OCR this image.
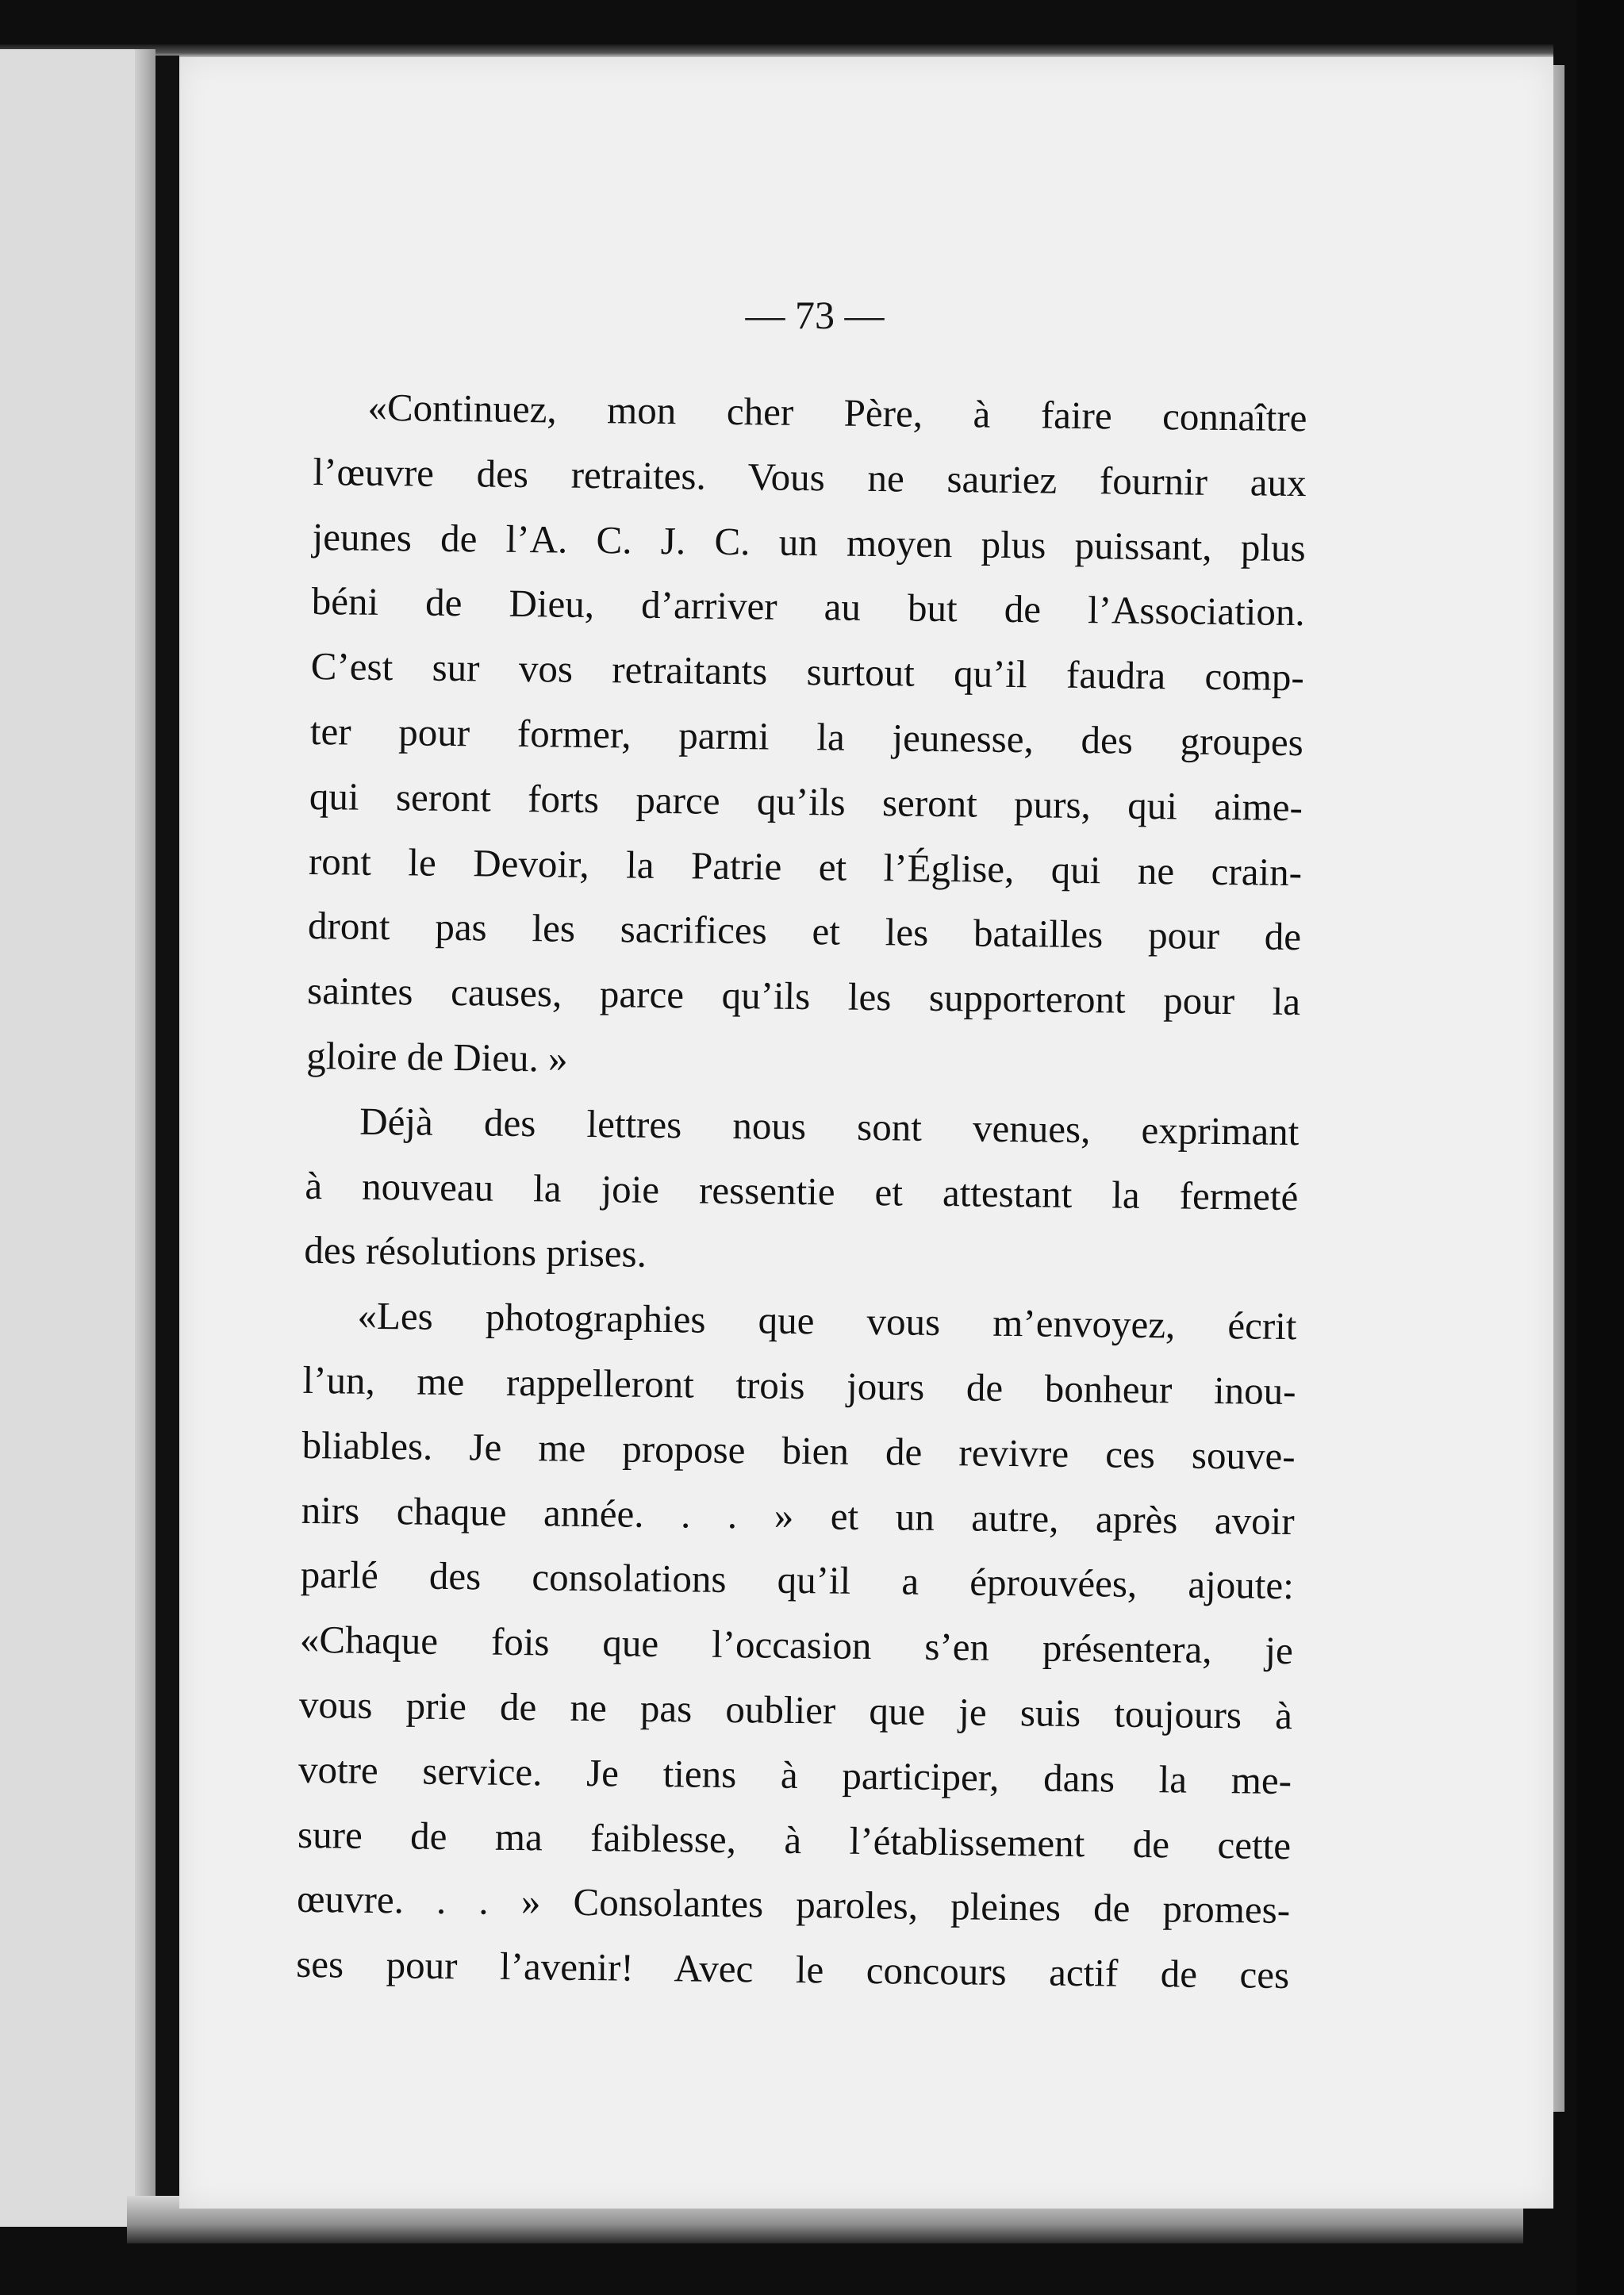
— 73 —
«Continuez, mon cher Père, à faire connaître
l’œuvre des retraites. Vous ne sauriez fournir aux
jeunes de l’A. C. J. C. un moyen plus puissant, plus
béni de Dieu, d’arriver au but de l’Association.
C’est sur vos retraitants surtout qu’il faudra comp-
ter pour former, parmi la jeunesse, des groupes
qui seront forts parce qu’ils seront purs, qui aime-
ront le Devoir, la Patrie et l’Église, qui ne crain-
dront pas les sacrifices et les batailles pour de
saintes causes, parce qu’ils les supporteront pour la
gloire de Dieu. »
Déjà des lettres nous sont venues, exprimant
à nouveau la joie ressentie et attestant la fermeté
des résolutions prises.
«Les photographies que vous m’envoyez, écrit
l’un, me rappelleront trois jours de bonheur inou-
bliables. Je me propose bien de revivre ces souve-
nirs chaque année. . . » et un autre, après avoir
parlé des consolations qu’il a éprouvées, ajoute:
«Chaque fois que l’occasion s’en présentera, je
vous prie de ne pas oublier que je suis toujours à
votre service. Je tiens à participer, dans la me-
sure de ma faiblesse, à l’établissement de cette
œuvre. . . » Consolantes paroles, pleines de promes-
ses pour l’avenir! Avec le concours actif de ces
